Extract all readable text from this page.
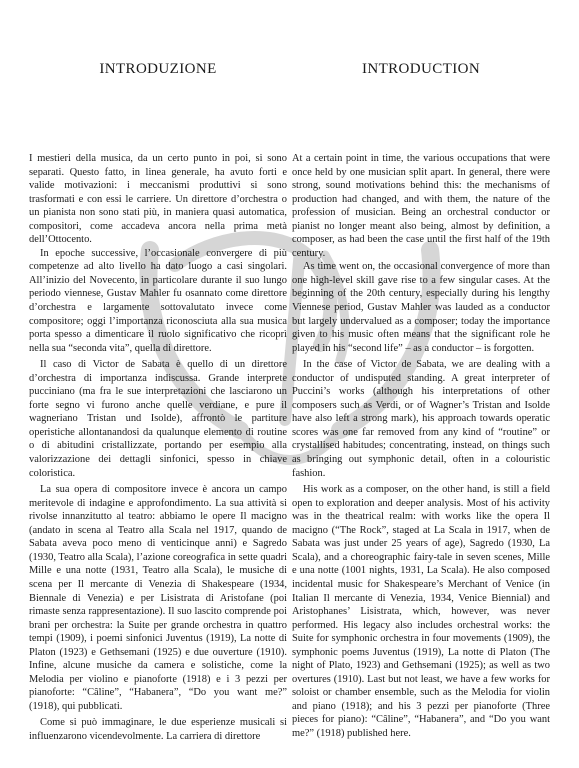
INTRODUZIONE	INTRODUCTION

I mestieri della musica, da un certo punto in poi, si sono separati. Questo fatto, in linea generale, ha avuto forti e valide motivazioni: i meccanismi produttivi si sono trasformati e con essi le carriere. Un direttore d’orchestra o un pianista non sono stati più, in maniera quasi automatica, compositori, come accadeva ancora nella prima metà dell’Ottocento.

In epoche successive, l’occasionale convergere di più competenze ad alto livello ha dato luogo a casi singolari. All’inizio del Novecento, in particolare durante il suo lungo periodo viennese, Gustav Mahler fu osannato come direttore d’orchestra e largamente sottovalutato invece come compositore; oggi l’importanza riconosciuta alla sua musica porta spesso a dimenticare il ruolo significativo che ricoprì nella sua “seconda vita”, quella di direttore.

Il caso di Victor de Sabata è quello di un direttore d’orchestra di importanza indiscussa. Grande interprete pucciniano (ma fra le sue interpretazioni che lasciarono un forte segno vi furono anche quelle verdiane, e pure il wagneriano Tristan und Isolde), affrontò le partiture operistiche allontanandosi da qualunque elemento di routine o di abitudini cristallizzate, portando per esempio alla valorizzazione dei dettagli sinfonici, spesso in chiave coloristica.

La sua opera di compositore invece è ancora un campo meritevole di indagine e approfondimento. La sua attività si rivolse innanzitutto al teatro: abbiamo le opere Il macigno (andato in scena al Teatro alla Scala nel 1917, quando de Sabata aveva poco meno di venticinque anni) e Sagredo (1930, Teatro alla Scala), l’azione coreografica in sette quadri Mille e una notte (1931, Teatro alla Scala), le musiche di scena per Il mercante di Venezia di Shakespeare (1934, Biennale di Venezia) e per Lisistrata di Aristofane (poi rimaste senza rappresentazione). Il suo lascito comprende poi brani per orchestra: la Suite per grande orchestra in quattro tempi (1909), i poemi sinfonici Juventus (1919), La notte di Platon (1923) e Gethsemani (1925) e due ouverture (1910). Infine, alcune musiche da camera e solistiche, come la Melodia per violino e pianoforte (1918) e i 3 pezzi per pianoforte: “Câline”, “Habanera”, “Do you want me?” (1918), qui pubblicati.

Come si può immaginare, le due esperienze musicali si influenzarono vicendevolmente. La carriera di direttore

At a certain point in time, the various occupations that were once held by one musician split apart. In general, there were strong, sound motivations behind this: the mechanisms of production had changed, and with them, the nature of the profession of musician. Being an orchestral conductor or pianist no longer meant also being, almost by definition, a composer, as had been the case until the first half of the 19th century.

As time went on, the occasional convergence of more than one high-level skill gave rise to a few singular cases. At the beginning of the 20th century, especially during his lengthy Viennese period, Gustav Mahler was lauded as a conductor but largely undervalued as a composer; today the importance given to his music often means that the significant role he played in his “second life” – as a conductor – is forgotten.

In the case of Victor de Sabata, we are dealing with a conductor of undisputed standing. A great interpreter of Puccini’s works (although his interpretations of other composers such as Verdi, or of Wagner’s Tristan and Isolde have also left a strong mark), his approach towards operatic scores was one far removed from any kind of “routine” or crystallised habitudes; concentrating, instead, on things such as bringing out symphonic detail, often in a colouristic fashion.

His work as a composer, on the other hand, is still a field open to exploration and deeper analysis. Most of his activity was in the theatrical realm: with works like the opera Il macigno (“The Rock”, staged at La Scala in 1917, when de Sabata was just under 25 years of age), Sagredo (1930, La Scala), and a choreographic fairy-tale in seven scenes, Mille e una notte (1001 nights, 1931, La Scala). He also composed incidental music for Shakespeare’s Merchant of Venice (in Italian Il mercante di Venezia, 1934, Venice Biennial) and Aristophanes’ Lisistrata, which, however, was never performed. His legacy also includes orchestral works: the Suite for symphonic orchestra in four movements (1909), the symphonic poems Juventus (1919), La notte di Platon (The night of Plato, 1923) and Gethsemani (1925); as well as two overtures (1910). Last but not least, we have a few works for soloist or chamber ensemble, such as the Melodia for violin and piano (1918); and his 3 pezzi per pianoforte (Three pieces for piano): “Câline”, “Habanera”, and “Do you want me?” (1918) published here.
